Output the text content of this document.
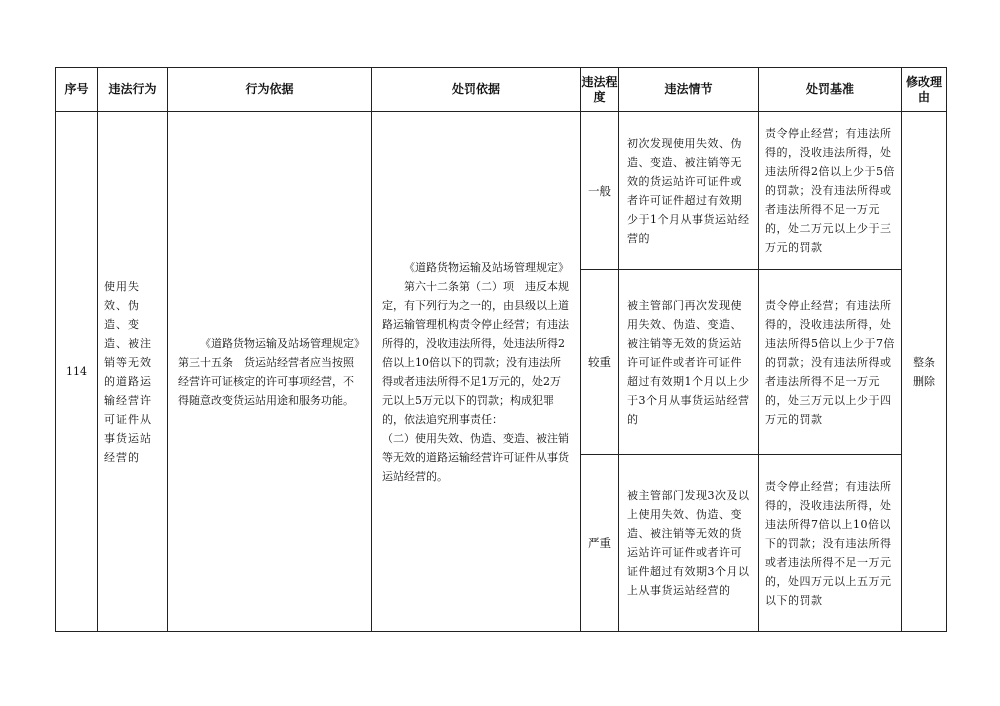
序号	违法行为	行为依据	处罚依据	违法程度	违法情节	处罚基准	修改理由
114	使用失效、伪造、变造、被注销等无效的道路运输经营许可证件从事货运站经营的	《道路货物运输及站场管理规定》第三十五条　货运站经营者应当按照经营许可证核定的许可事项经营，不得随意改变货运站用途和服务功能。	《道路货物运输及站场管理规定》

第六十二条第（二）项　违反本规定，有下列行为之一的，由县级以上道路运输管理机构责令停止经营；有违法所得的，没收违法所得，处违法所得2倍以上10倍以下的罚款；没有违法所得或者违法所得不足1万元的，处2万元以上5万元以下的罚款；构成犯罪的，依法追究刑事责任：

（二）使用失效、伪造、变造、被注销等无效的道路运输经营许可证件从事货运站经营的。	一般	初次发现使用失效、伪造、变造、被注销等无效的货运站许可证件或者许可证件超过有效期少于1个月从事货运站经营的	责令停止经营；有违法所得的，没收违法所得，处违法所得2倍以上少于5倍的罚款；没有违法所得或者违法所得不足一万元的，处二万元以上少于三万元的罚款	整条删除
				较重	被主管部门再次发现使用失效、伪造、变造、被注销等无效的货运站许可证件或者许可证件超过有效期1个月以上少于3个月从事货运站经营的	责令停止经营；有违法所得的，没收违法所得，处违法所得5倍以上少于7倍的罚款；没有违法所得或者违法所得不足一万元的，处三万元以上少于四万元的罚款	
				严重	被主管部门发现3次及以上使用失效、伪造、变造、被注销等无效的货运站许可证件或者许可证件超过有效期3个月以上从事货运站经营的	责令停止经营；有违法所得的，没收违法所得，处违法所得7倍以上10倍以下的罚款；没有违法所得或者违法所得不足一万元的，处四万元以上五万元以下的罚款	
